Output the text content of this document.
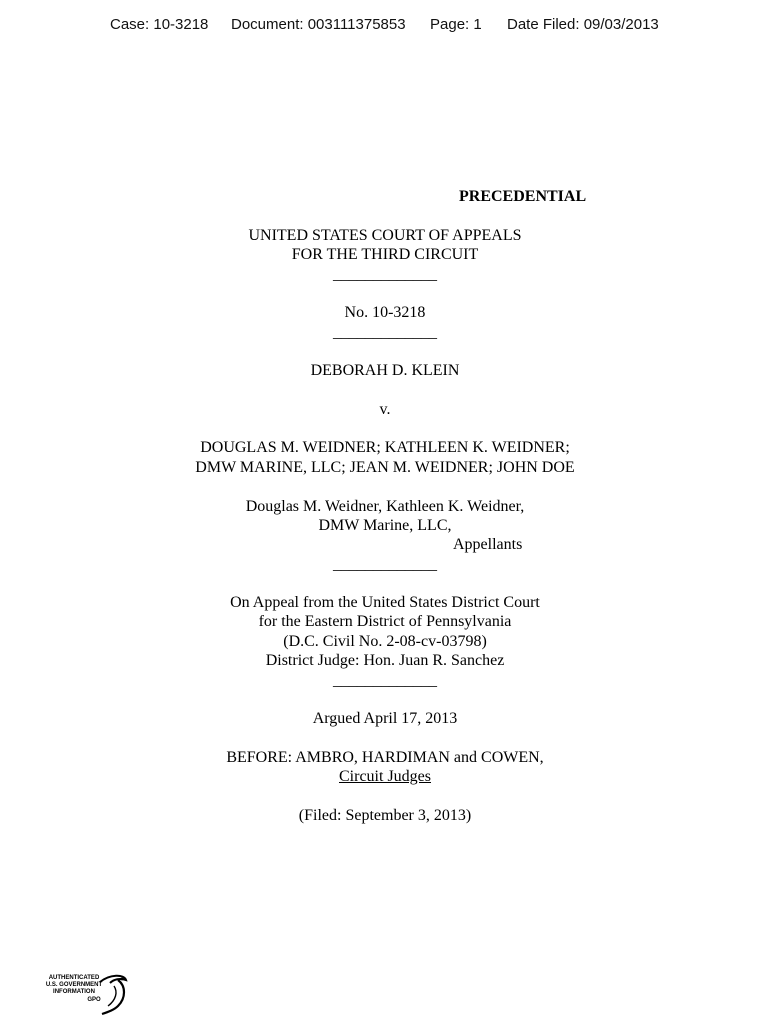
Case: 10-3218 Document: 003111375853 Page: 1 Date Filed: 09/03/2013
PRECEDENTIAL
UNITED STATES COURT OF APPEALS
FOR THE THIRD CIRCUIT
_____________
No. 10-3218
_____________
DEBORAH D. KLEIN
v.
DOUGLAS M. WEIDNER; KATHLEEN K. WEIDNER;
DMW MARINE, LLC; JEAN M. WEIDNER; JOHN DOE
Douglas M. Weidner, Kathleen K. Weidner,
DMW Marine, LLC,
Appellants
_____________
On Appeal from the United States District Court
for the Eastern District of Pennsylvania
(D.C. Civil No. 2-08-cv-03798)
District Judge: Hon. Juan R. Sanchez
_____________
Argued April 17, 2013
BEFORE: AMBRO, HARDIMAN and COWEN,
Circuit Judges
(Filed: September 3, 2013)
AUTHENTICATED
U.S. GOVERNMENT
INFORMATION
GPO
